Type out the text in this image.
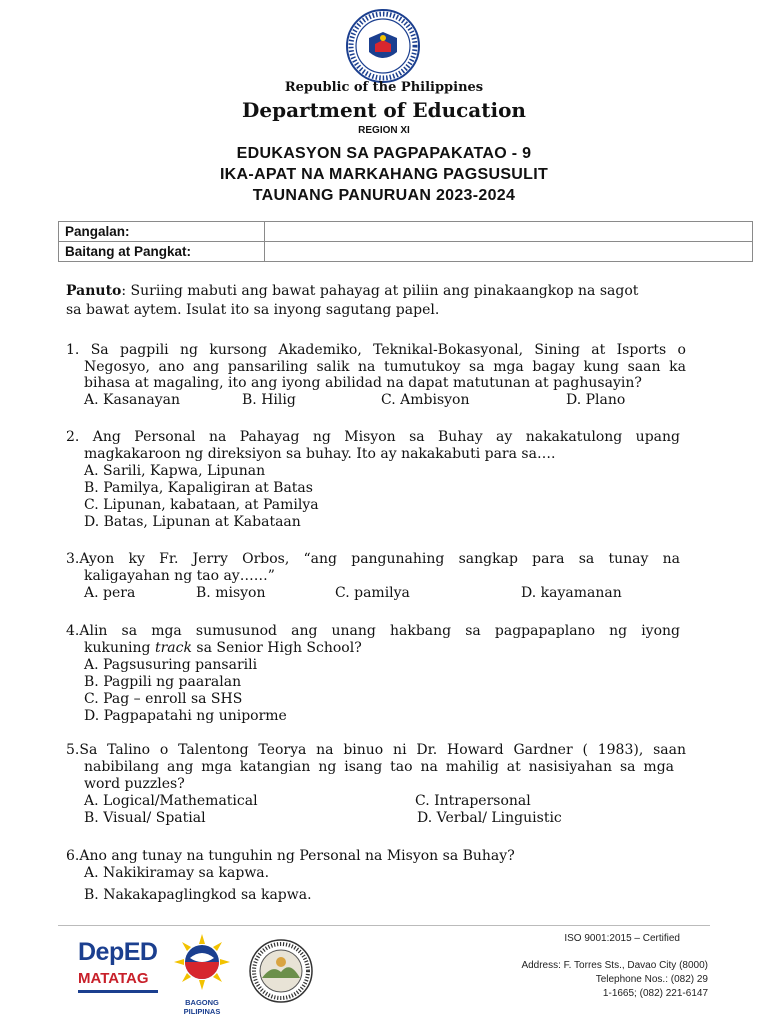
Republic of the Philippines
Department of Education
REGION XI
EDUKASYON SA PAGPAPAKATAO - 9
IKA-APAT NA MARKAHANG PAGSUSULIT
TAUNANG PANURUAN 2023-2024
Pangalan:	
Baitang at Pangkat:	
Panuto: Suriing mabuti ang bawat pahayag at piliin ang pinakaangkop na sagot
sa bawat aytem. Isulat ito sa inyong sagutang papel.
1. Sa pagpili ng kursong Akademiko, Teknikal-Bokasyonal, Sining at Isports o
Negosyo, ano ang pansariling salik na tumutukoy sa mga bagay kung saan ka
bihasa at magaling, ito ang iyong abilidad na dapat matutunan at paghusayin?
A. Kasanayan	B. Hilig	C. Ambisyon	D. Plano
2. Ang Personal na Pahayag ng Misyon sa Buhay ay nakakatulong upang
magkakaroon ng direksiyon sa buhay. Ito ay nakakabuti para sa….
A. Sarili, Kapwa, Lipunan
B. Pamilya, Kapaligiran at Batas
C. Lipunan, kabataan, at Pamilya
D. Batas, Lipunan at Kabataan
3.Ayon ky Fr. Jerry Orbos, “ang pangunahing sangkap para sa tunay na
kaligayahan ng tao ay……”
A. pera	B. misyon	C. pamilya	D. kayamanan
4.Alin sa mga sumusunod ang unang hakbang sa pagpapaplano ng iyong
kukuning track sa Senior High School?
A. Pagsusuring pansarili
B. Pagpili ng paaralan
C. Pag – enroll sa SHS
D. Pagpapatahi ng uniporme
5.Sa Talino o Talentong Teorya na binuo ni Dr. Howard Gardner ( 1983), saan
nabibilang ang mga katangian ng isang tao na mahilig at nasisiyahan sa mga
word puzzles?
A. Logical/Mathematical
B. Visual/ Spatial
C. Intrapersonal
D. Verbal/ Linguistic
6.Ano ang tunay na tunguhin ng Personal na Misyon sa Buhay?
A. Nakikiramay sa kapwa.
B. Nakakapaglingkod sa kapwa.
DepED
MATATAG
BAGONG PILIPINAS
ISO 9001:2015 – Certified
Address: F. Torres Sts., Davao City (8000)
Telephone Nos.: (082) 29
1-1665; (082) 221-6147
